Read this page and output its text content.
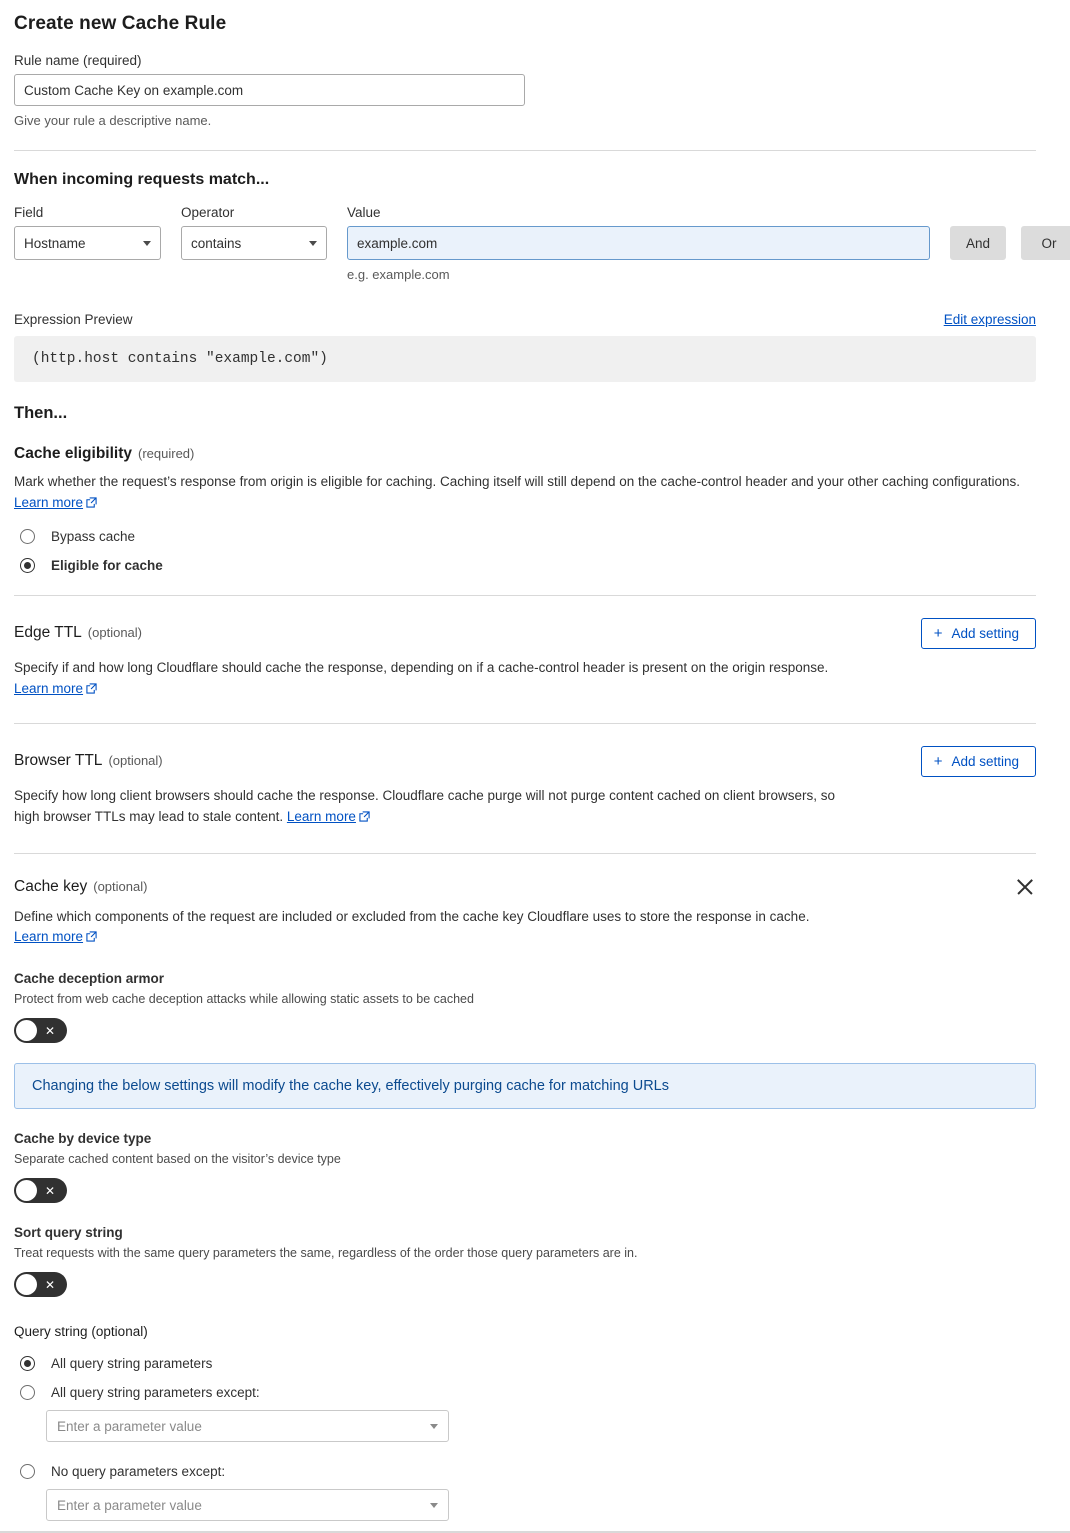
Create new Cache Rule
Rule name (required)
Custom Cache Key on example.com
Give your rule a descriptive name.
When incoming requests match...
Field
Hostname
Operator
contains
Value
example.com
e.g. example.com

And
	Or
Expression Preview	Edit expression
(http.host contains "example.com")
Then...
Cache eligibility (required)
Mark whether the request’s response from origin is eligible for caching. Caching itself will still depend on the cache-control header and your other caching configurations. Learn more
Bypass cache
Eligible for cache
Edge TTL (optional)	+ Add setting
Specify if and how long Cloudflare should cache the response, depending on if a cache-control header is present on the origin response. Learn more
Browser TTL (optional)	+ Add setting
Specify how long client browsers should cache the response. Cloudflare cache purge will not purge content cached on client browsers, so high browser TTLs may lead to stale content. Learn more
Cache key (optional)
Define which components of the request are included or excluded from the cache key Cloudflare uses to store the response in cache.
Learn more
Cache deception armor
Protect from web cache deception attacks while allowing static assets to be cached
✕
Changing the below settings will modify the cache key, effectively purging cache for matching URLs
Cache by device type
Separate cached content based on the visitor’s device type
✕
Sort query string
Treat requests with the same query parameters the same, regardless of the order those query parameters are in.
✕
Query string (optional)
All query string parameters
All query string parameters except:
Enter a parameter value
No query parameters except:
Enter a parameter value
